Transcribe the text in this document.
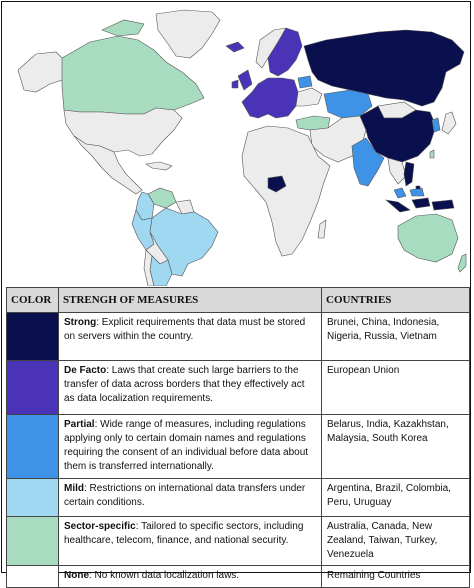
COLOR	STRENGH OF MEASURES	COUNTRIES

	Strong: Explicit requirements that data must be stored on servers within the country.	Brunei, China, Indonesia, Nigeria, Russia, Vietnam

	De Facto: Laws that create such large barriers to the transfer of data across borders that they effectively act as data localization requirements.	European Union

	Partial: Wide range of measures, including regulations applying only to certain domain names and regulations requiring the consent of an individual before data about them is transferred internationally.	Belarus, India, Kazakhstan, Malaysia, South Korea

	Mild: Restrictions on international data transfers under certain conditions.	Argentina, Brazil, Colombia, Peru, Uruguay

	Sector-specific: Tailored to specific sectors, including healthcare, telecom, finance, and national security.	Australia, Canada, New Zealand, Taiwan, Turkey, Venezuela

	None: No known data localization laws.	Remaining Countries
